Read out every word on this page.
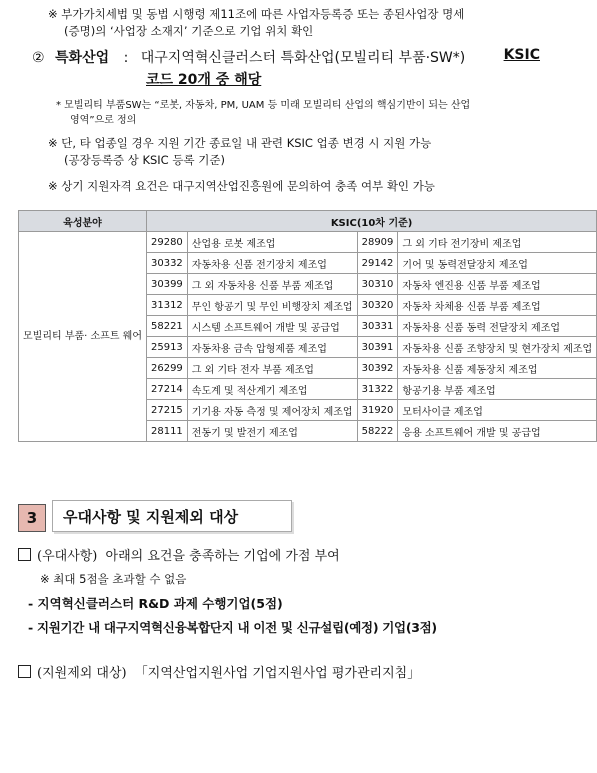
※ 부가가치세법 및 동법 시행령 제11조에 따른 사업자등록증 또는 종된사업장 명세
(증명)의 ‘사업장 소재지’ 기준으로 기업 위치 확인
② 특화산업 : 대구지역혁신클러스터 특화산업(모빌리티 부품·SW*)	KSIC
코드 20개 중 해당
* 모빌리티 부품SW는 “로봇, 자동차, PM, UAM 등 미래 모빌리티 산업의 핵심기반이 되는 산업
영역”으로 정의
※ 단, 타 업종일 경우 지원 기간 종료일 내 관련 KSIC 업종 변경 시 지원 가능
(공장등록증 상 KSIC 등록 기준)
※ 상기 지원자격 요건은 대구지역산업진흥원에 문의하여 충족 여부 확인 가능
육성분야	KSIC(10차 기준)			
모빌리티 부품· 소프트 웨어	29280	산업용 로봇 제조업	28909	그 외 기타 전기장비 제조업
	30332	자동차용 신품 전기장치 제조업	29142	기어 및 동력전달장치 제조업
	30399	그 외 자동차용 신품 부품 제조업	30310	자동차 엔진용 신품 부품 제조업
	31312	무인 항공기 및 무인 비행장치 제조업	30320	자동차 차체용 신품 부품 제조업
	58221	시스템 소프트웨어 개발 및 공급업	30331	자동차용 신품 동력 전달장치 제조업
	25913	자동차용 금속 압형제품 제조업	30391	자동차용 신품 조향장치 및 현가장치 제조업
	26299	그 외 기타 전자 부품 제조업	30392	자동차용 신품 제동장치 제조업
	27214	속도계 및 적산계기 제조업	31322	항공기용 부품 제조업
	27215	기기용 자동 측정 및 제어장치 제조업	31920	모터사이클 제조업
	28111	전동기 및 발전기 제조업	58222	응용 소프트웨어 개발 및 공급업
3	우대사항 및 지원제외 대상
(우대사항) 아래의 요건을 충족하는 기업에 가점 부여
※ 최대 5점을 초과할 수 없음
- 지역혁신클러스터 R&D 과제 수행기업(5점)
- 지원기간 내 대구지역혁신융복합단지 내 이전 및 신규설립(예정) 기업(3점)
(지원제외 대상) 「지역산업지원사업 기업지원사업 평가관리지침」
